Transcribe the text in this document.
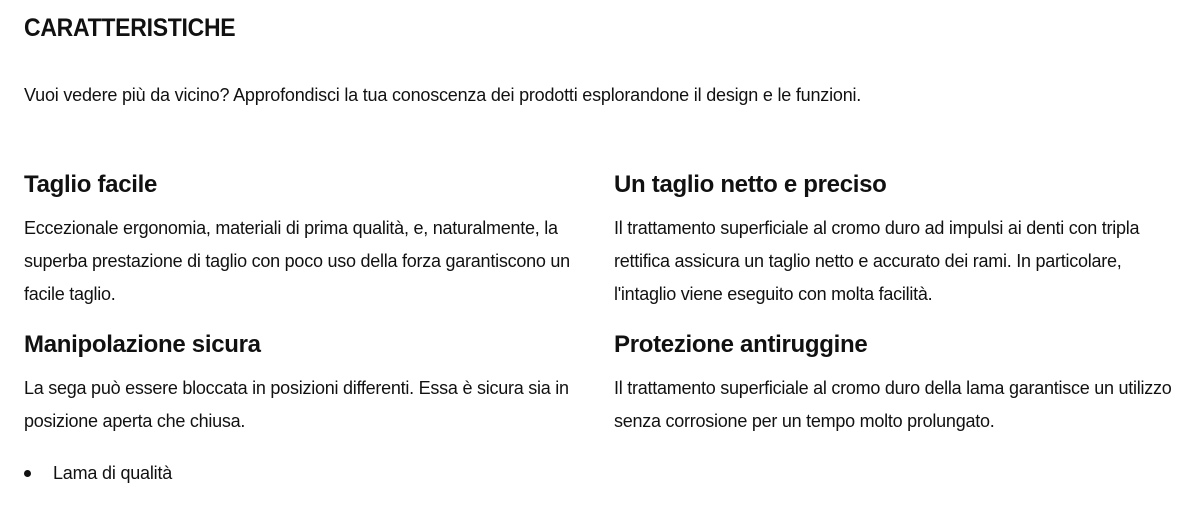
CARATTERISTICHE

Vuoi vedere più da vicino? Approfondisci la tua conoscenza dei prodotti esplorandone il design e le funzioni.

Taglio facile

Eccezionale ergonomia, materiali di prima qualità, e, naturalmente, la superba prestazione di taglio con poco uso della forza garantiscono un facile taglio.

Un taglio netto e preciso

Il trattamento superficiale al cromo duro ad impulsi ai denti con tripla rettifica assicura un taglio netto e accurato dei rami. In particolare, l'intaglio viene eseguito con molta facilità.

Manipolazione sicura

La sega può essere bloccata in posizioni differenti. Essa è sicura sia in posizione aperta che chiusa.

Protezione antiruggine

Il trattamento superficiale al cromo duro della lama garantisce un utilizzo senza corrosione per un tempo molto prolungato.

Lama di qualità
